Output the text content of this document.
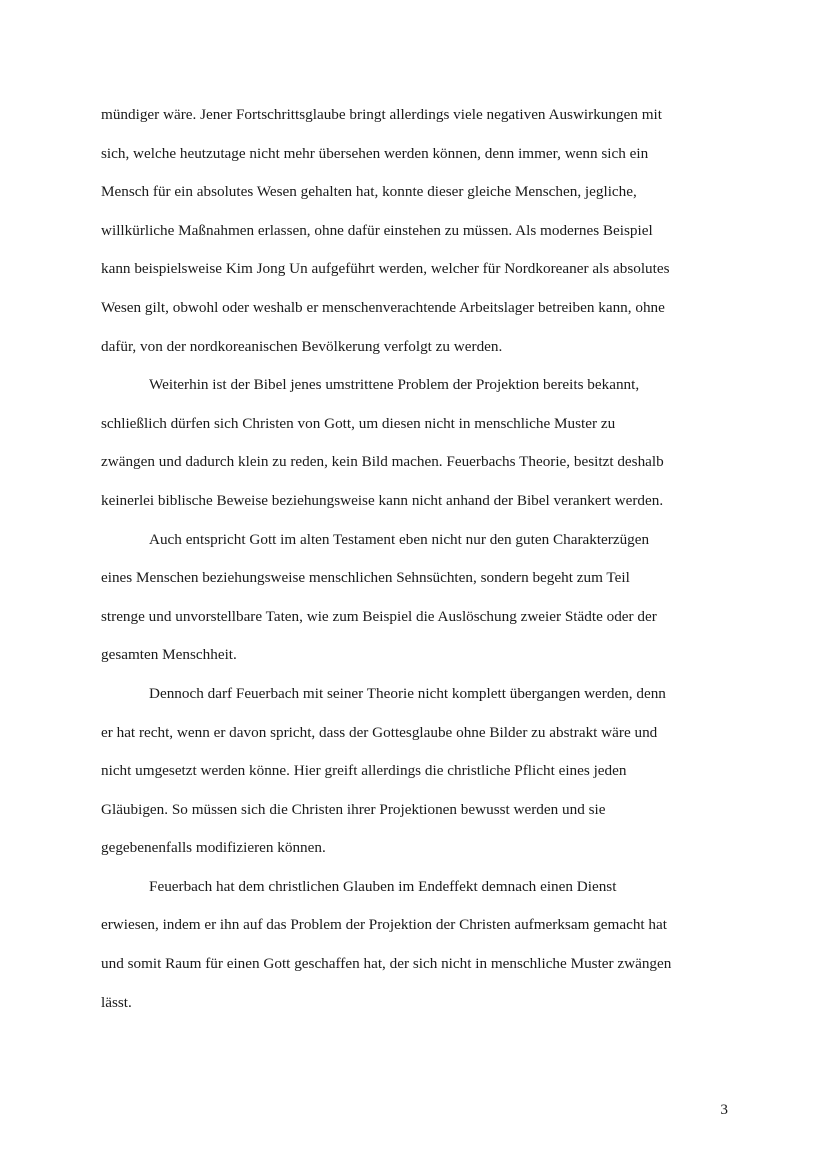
mündiger wäre. Jener Fortschrittsglaube bringt allerdings viele negativen Auswirkungen mit
sich, welche heutzutage nicht mehr übersehen werden können, denn immer, wenn sich ein
Mensch für ein absolutes Wesen gehalten hat, konnte dieser gleiche Menschen, jegliche,
willkürliche Maßnahmen erlassen, ohne dafür einstehen zu müssen. Als modernes Beispiel
kann beispielsweise Kim Jong Un aufgeführt werden, welcher für Nordkoreaner als absolutes
Wesen gilt, obwohl oder weshalb er menschenverachtende Arbeitslager betreiben kann, ohne
dafür, von der nordkoreanischen Bevölkerung verfolgt zu werden.

Weiterhin ist der Bibel jenes umstrittene Problem der Projektion bereits bekannt,
schließlich dürfen sich Christen von Gott, um diesen nicht in menschliche Muster zu
zwängen und dadurch klein zu reden, kein Bild machen. Feuerbachs Theorie, besitzt deshalb
keinerlei biblische Beweise beziehungsweise kann nicht anhand der Bibel verankert werden.

Auch entspricht Gott im alten Testament eben nicht nur den guten Charakterzügen
eines Menschen beziehungsweise menschlichen Sehnsüchten, sondern begeht zum Teil
strenge und unvorstellbare Taten, wie zum Beispiel die Auslöschung zweier Städte oder der
gesamten Menschheit.

Dennoch darf Feuerbach mit seiner Theorie nicht komplett übergangen werden, denn
er hat recht, wenn er davon spricht, dass der Gottesglaube ohne Bilder zu abstrakt wäre und
nicht umgesetzt werden könne. Hier greift allerdings die christliche Pflicht eines jeden
Gläubigen. So müssen sich die Christen ihrer Projektionen bewusst werden und sie
gegebenenfalls modifizieren können.

Feuerbach hat dem christlichen Glauben im Endeffekt demnach einen Dienst
erwiesen, indem er ihn auf das Problem der Projektion der Christen aufmerksam gemacht hat
und somit Raum für einen Gott geschaffen hat, der sich nicht in menschliche Muster zwängen
lässt.

3
